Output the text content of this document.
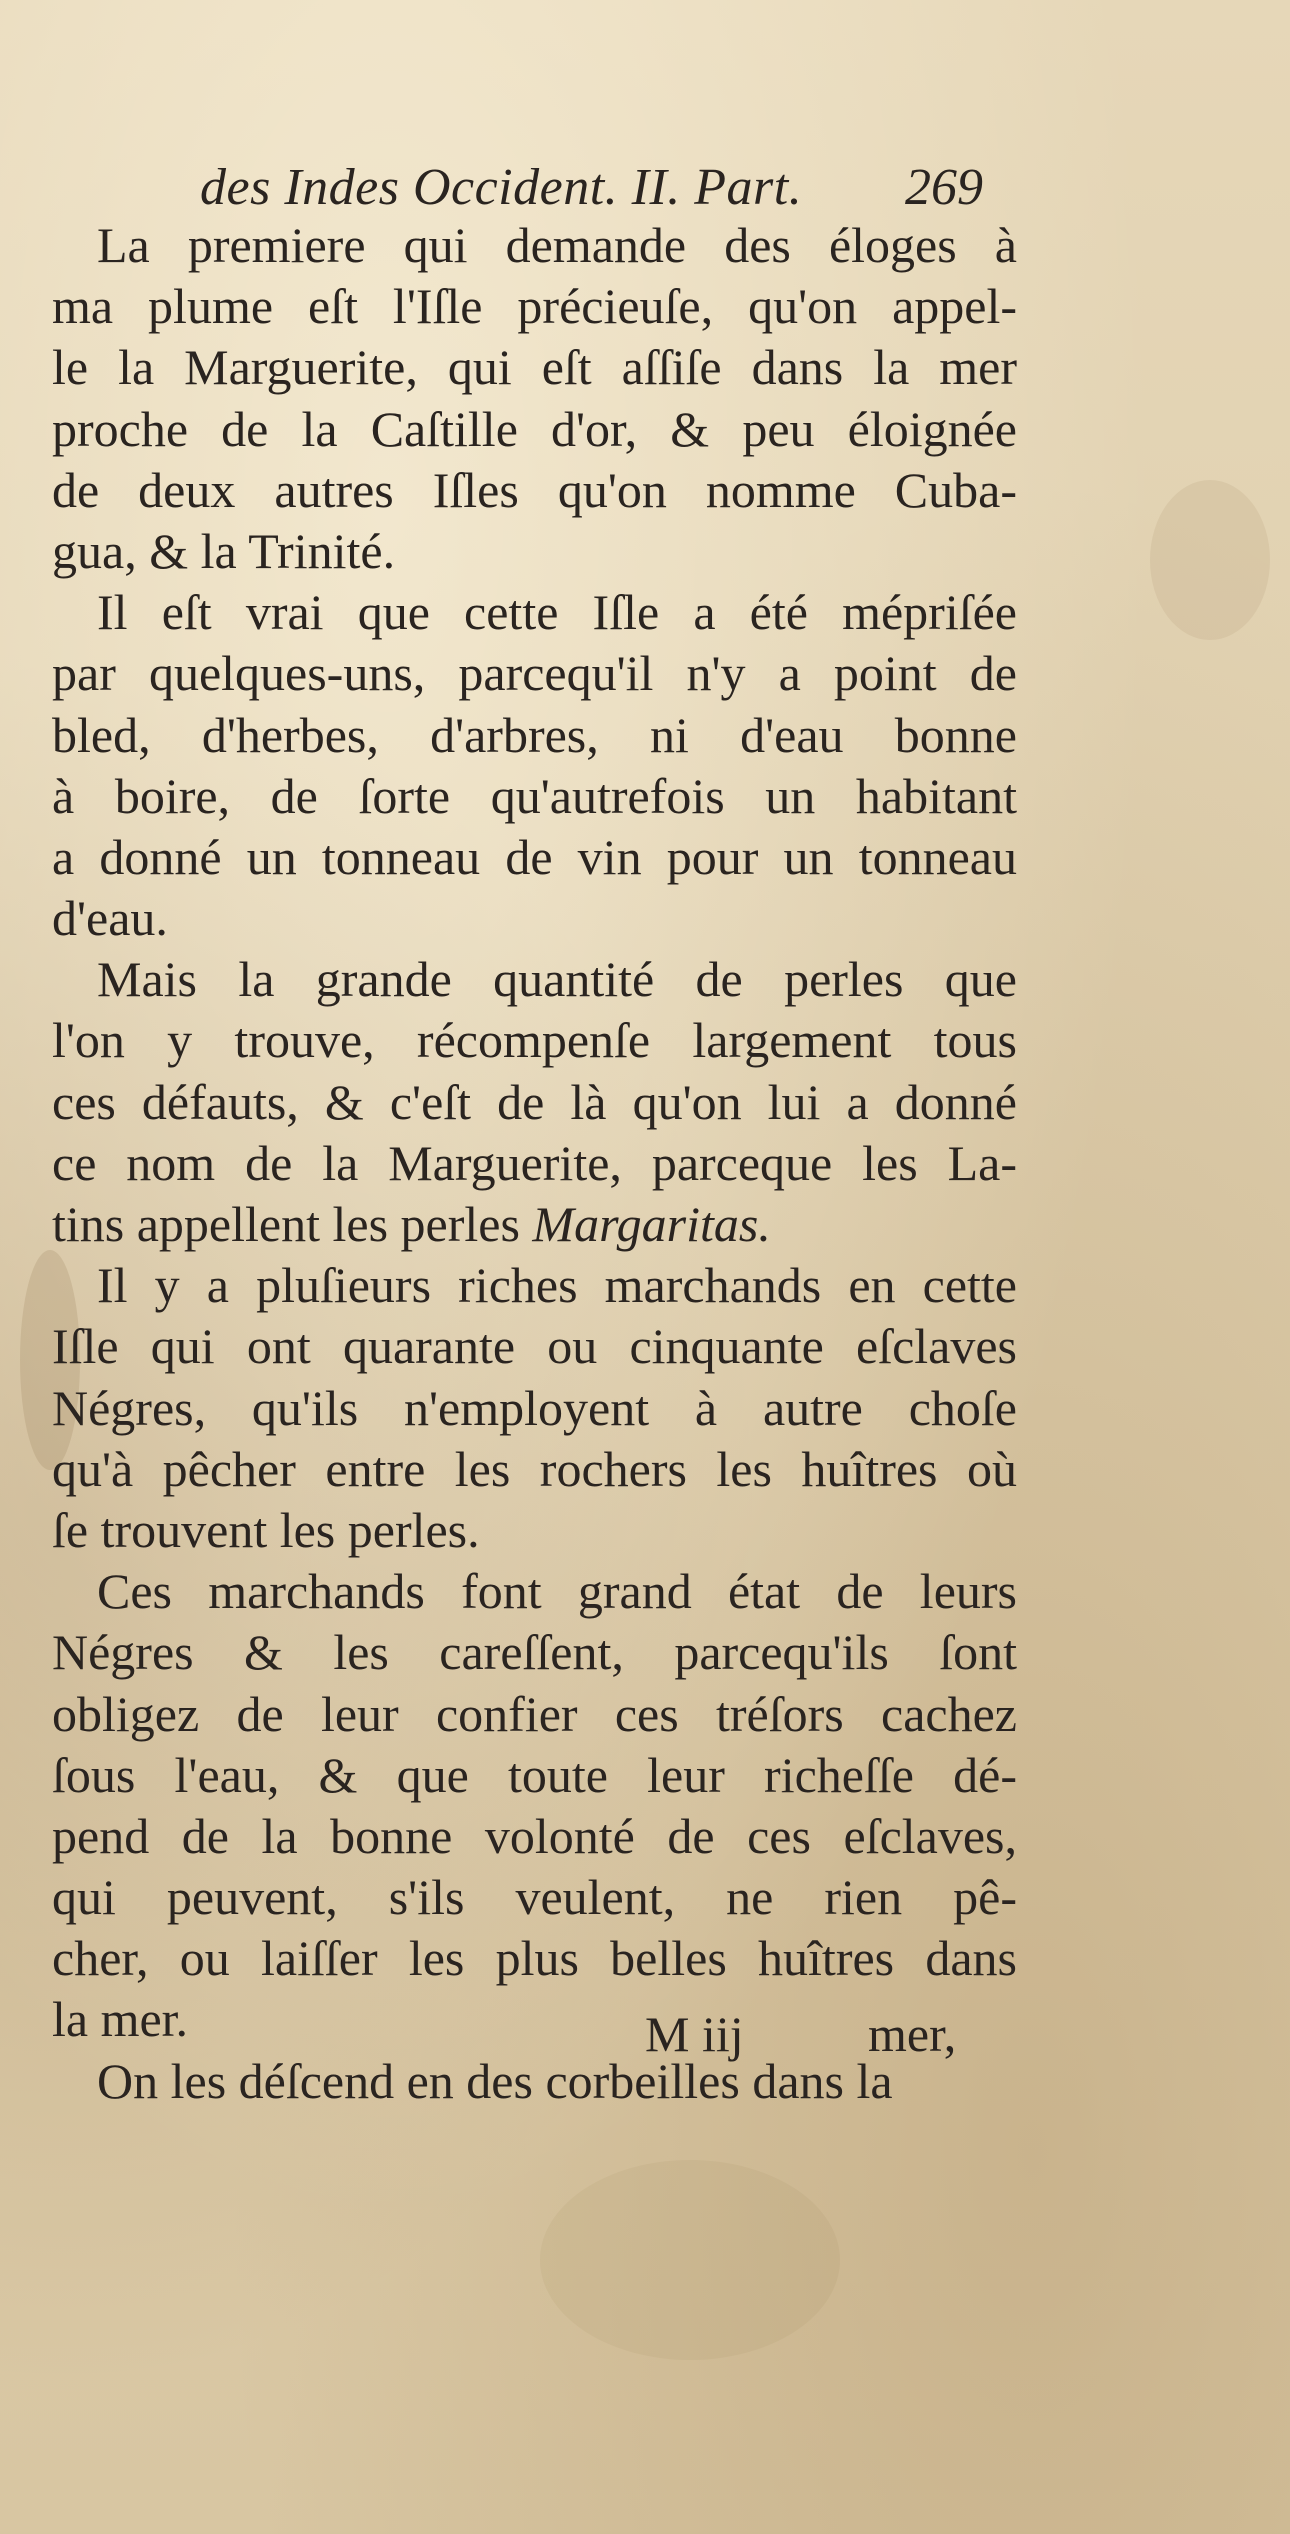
des Indes Occident. II. Part. 269
La premiere qui demande des éloges à
ma plume eſt l'Iſle précieuſe, qu'on appel-
le la Marguerite, qui eſt aſſiſe dans la mer
proche de la Caſtille d'or, & peu éloignée
de deux autres Iſles qu'on nomme Cuba-
gua, & la Trinité.
Il eſt vrai que cette Iſle a été mépriſée
par quelques-uns, parcequ'il n'y a point de
bled, d'herbes, d'arbres, ni d'eau bonne
à boire, de ſorte qu'autrefois un habitant
a donné un tonneau de vin pour un tonneau
d'eau.
Mais la grande quantité de perles que
l'on y trouve, récompenſe largement tous
ces défauts, & c'eſt de là qu'on lui a donné
ce nom de la Marguerite, parceque les La-
tins appellent les perles Margaritas.
Il y a pluſieurs riches marchands en cette
Iſle qui ont quarante ou cinquante eſclaves
Négres, qu'ils n'employent à autre choſe
qu'à pêcher entre les rochers les huîtres où
ſe trouvent les perles.
Ces marchands font grand état de leurs
Négres & les careſſent, parcequ'ils ſont
obligez de leur confier ces tréſors cachez
ſous l'eau, & que toute leur richeſſe dé-
pend de la bonne volonté de ces eſclaves,
qui peuvent, s'ils veulent, ne rien pê-
cher, ou laiſſer les plus belles huîtres dans
la mer.
On les déſcend en des corbeilles dans la
M iij mer,
